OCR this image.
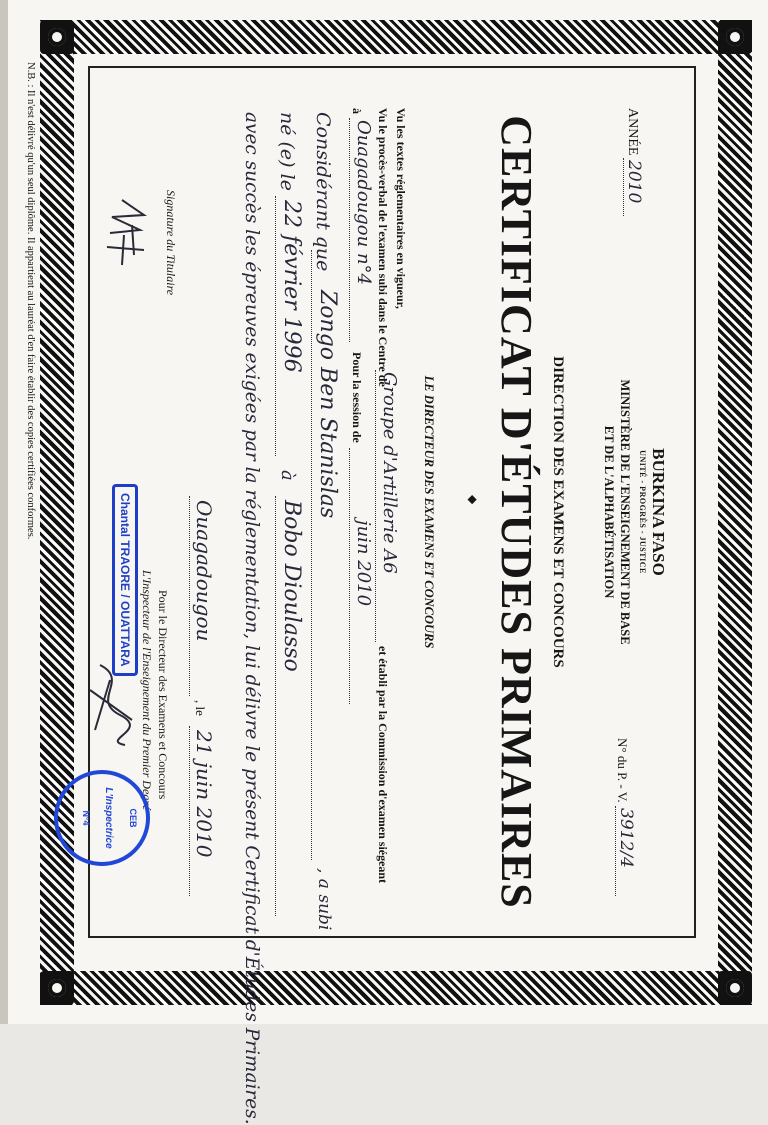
N.B. : Il n'est délivré qu'un seul diplôme. Il appartient au lauréat d'en faire établir des copies certifiées conformes.	BURKINA FASO
UNITÉ - PROGRÈS - JUSTICE
MINISTÈRE DE L'ENSEIGNEMENT DE BASE
ET DE L'ALPHABÉTISATION
DIRECTION DES EXAMENS ET CONCOURS
ANNÉE
2010
N° du P. - V.
3912/4
CERTIFICAT D'ÉTUDES PRIMAIRES
◆
LE DIRECTEUR DES EXAMENS ET CONCOURS
Vu les textes réglementaires en vigueur,
Vu le procès-verbal de l'examen subi dans le Centre de
Groupe d'Artillerie A6
et établi par la Commission d'examen siégeant
à
Ouagadougou n°4
Pour la session de
juin 2010
Considérant que
Zongo Ben Stanislas
, a subi
né (e) le
22 février 1996
à
Bobo Dioulasso
avec succès les épreuves exigées par la réglementation, lui délivre le présent Certificat d'Études Primaires.
Ouagadougou
, le
21 juin 2010
Signature du Titulaire
Pour le Directeur des Examens et Concours
L'Inspecteur de l'Enseignement du Premier Degré
Chantal TRAORE / OUATTARA
CEB
L'Inspectrice
N°4
